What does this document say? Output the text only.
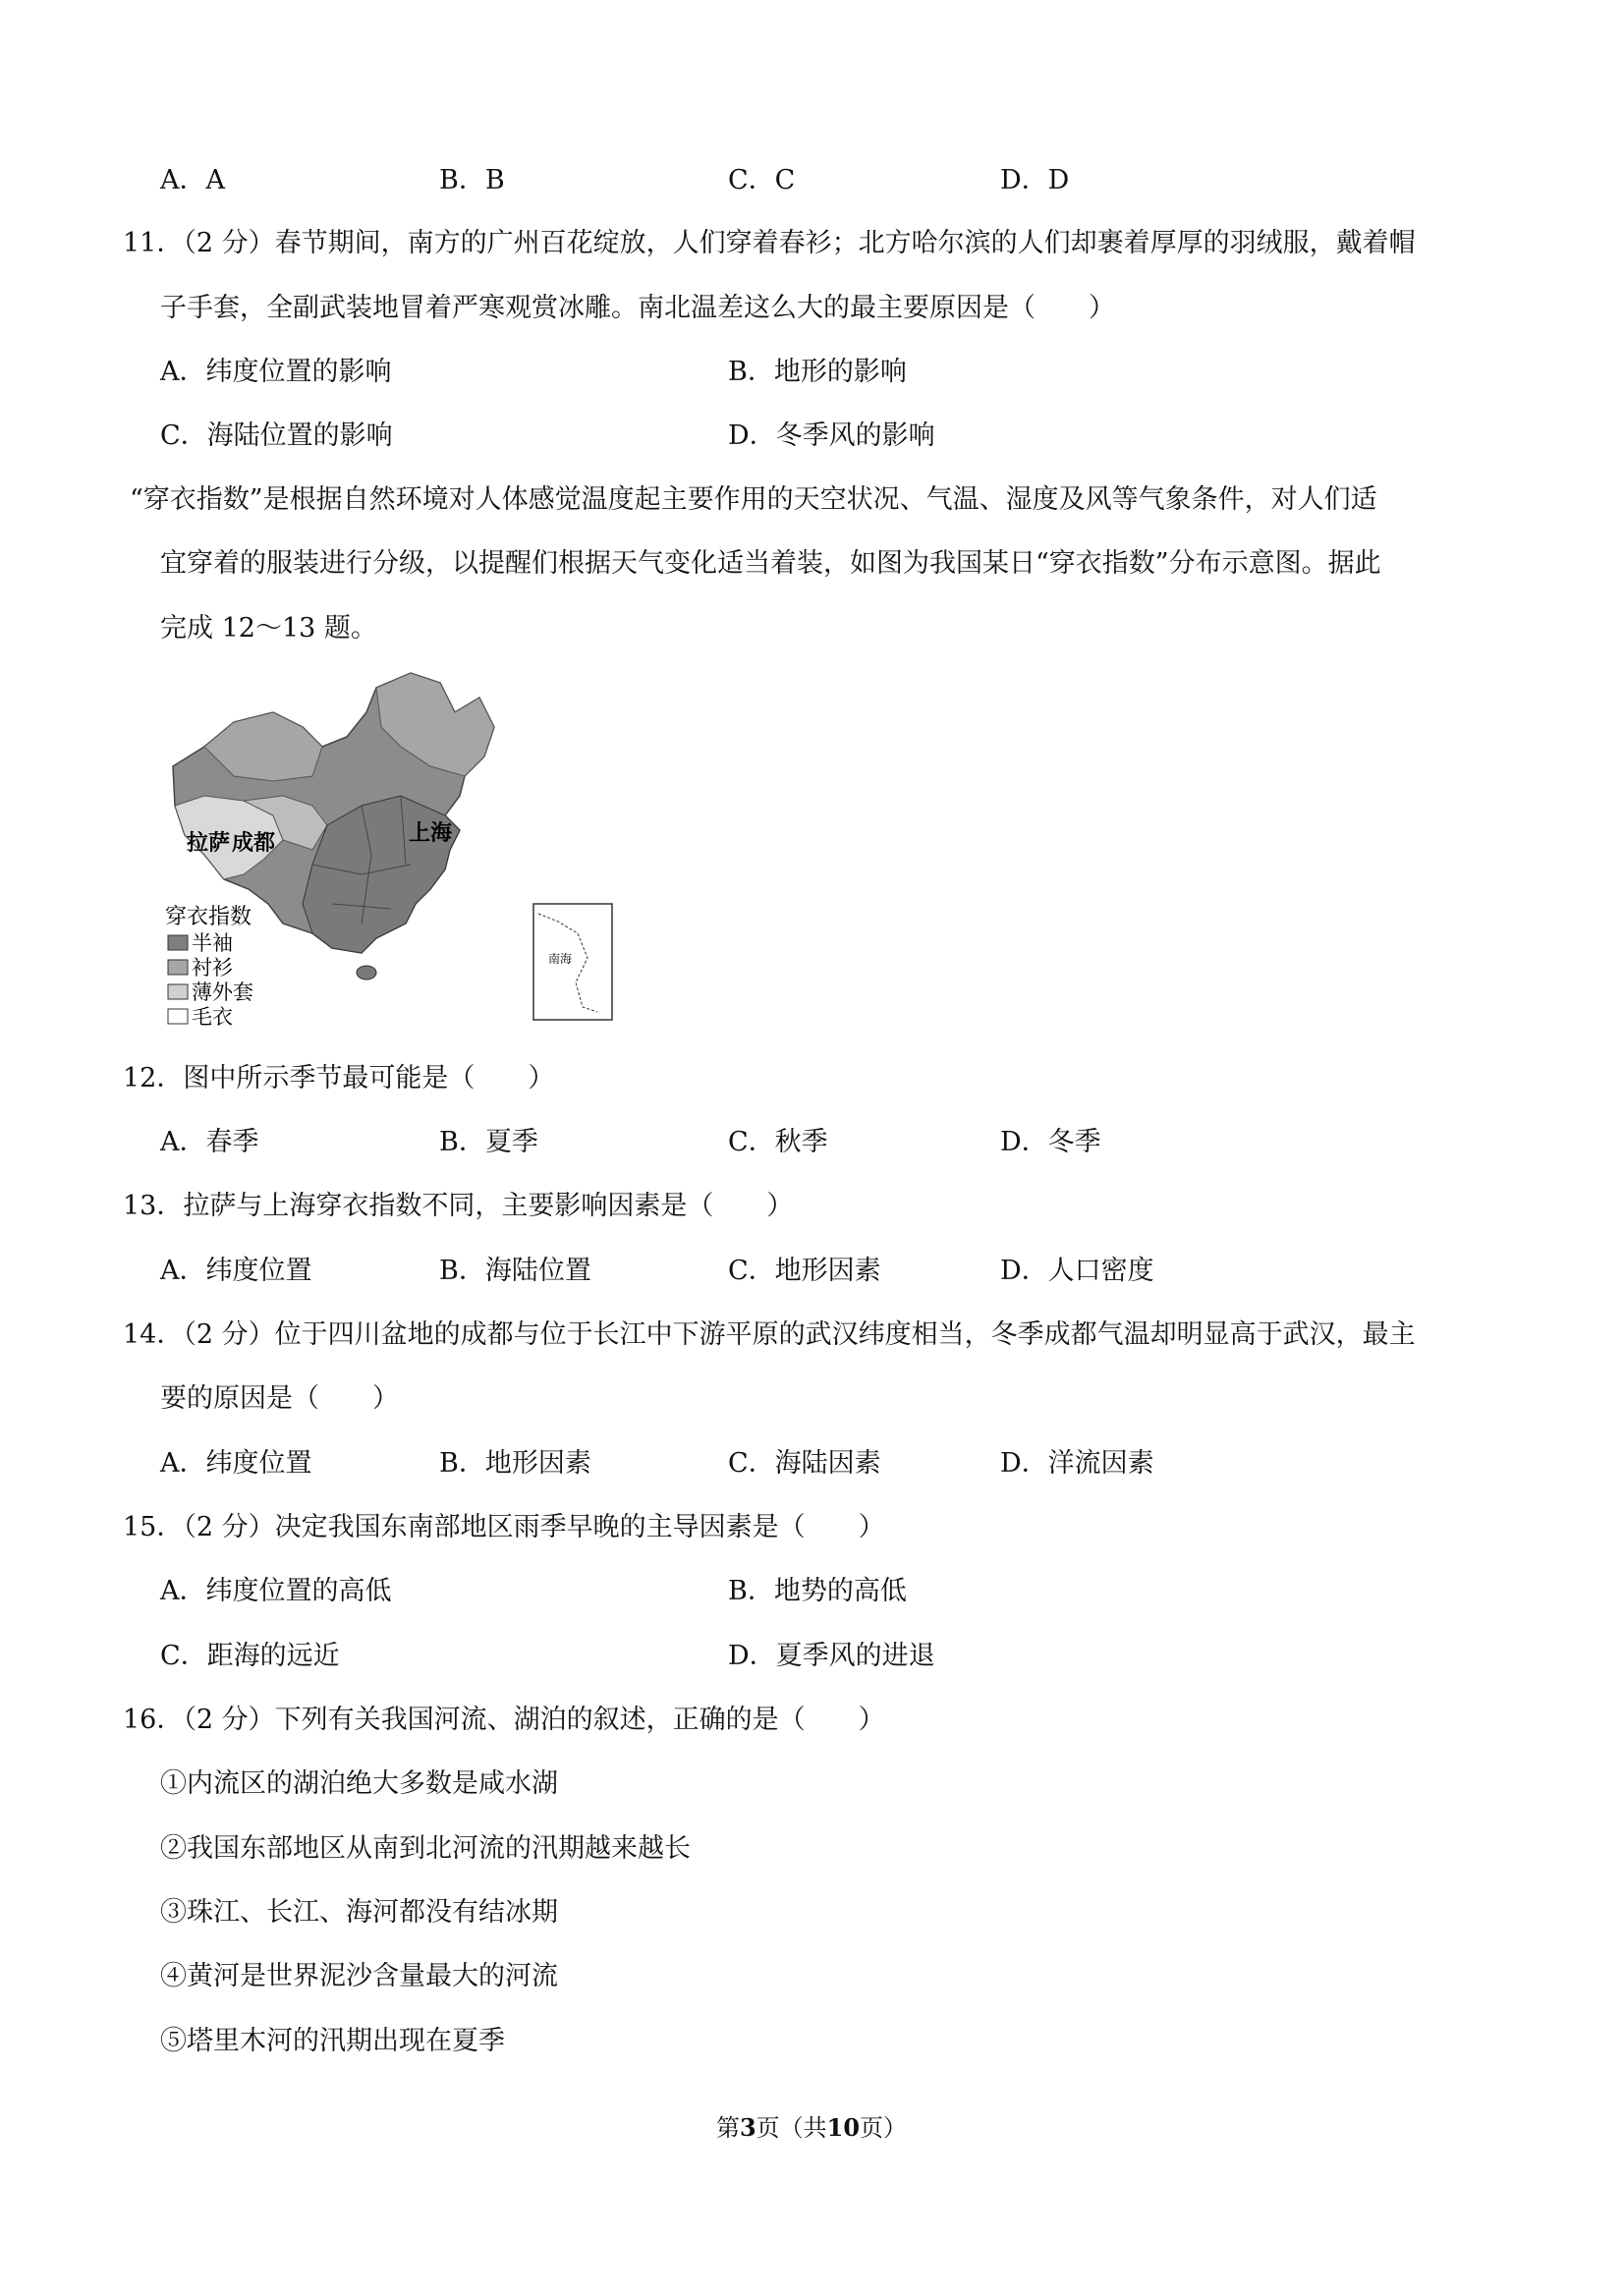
A．A	B．B	C．C	D．D
11．（2 分）春节期间，南方的广州百花绽放，人们穿着春衫；北方哈尔滨的人们却裹着厚厚的羽绒服，戴着帽
子手套，全副武装地冒着严寒观赏冰雕。南北温差这么大的最主要原因是（　　）
A．纬度位置的影响	B．地形的影响
C．海陆位置的影响	D．冬季风的影响
“穿衣指数”是根据自然环境对人体感觉温度起主要作用的天空状况、气温、湿度及风等气象条件，对人们适
宜穿着的服装进行分级，以提醒们根据天气变化适当着装，如图为我国某日“穿衣指数”分布示意图。据此
完成 12～13 题。
拉萨 成都	上海
穿衣指数
半袖
衬衫
薄外套
毛衣
南海
12．图中所示季节最可能是（　　）
A．春季	B．夏季	C．秋季	D．冬季
13．拉萨与上海穿衣指数不同，主要影响因素是（　　）
A．纬度位置	B．海陆位置	C．地形因素	D．人口密度
14．（2 分）位于四川盆地的成都与位于长江中下游平原的武汉纬度相当，冬季成都气温却明显高于武汉，最主
要的原因是（　　）
A．纬度位置	B．地形因素	C．海陆因素	D．洋流因素
15．（2 分）决定我国东南部地区雨季早晚的主导因素是（　　）
A．纬度位置的高低	B．地势的高低
C．距海的远近	D．夏季风的进退
16．（2 分）下列有关我国河流、湖泊的叙述，正确的是（　　）
①内流区的湖泊绝大多数是咸水湖
②我国东部地区从南到北河流的汛期越来越长
③珠江、长江、海河都没有结冰期
④黄河是世界泥沙含量最大的河流
⑤塔里木河的汛期出现在夏季
第3页（共10页）
